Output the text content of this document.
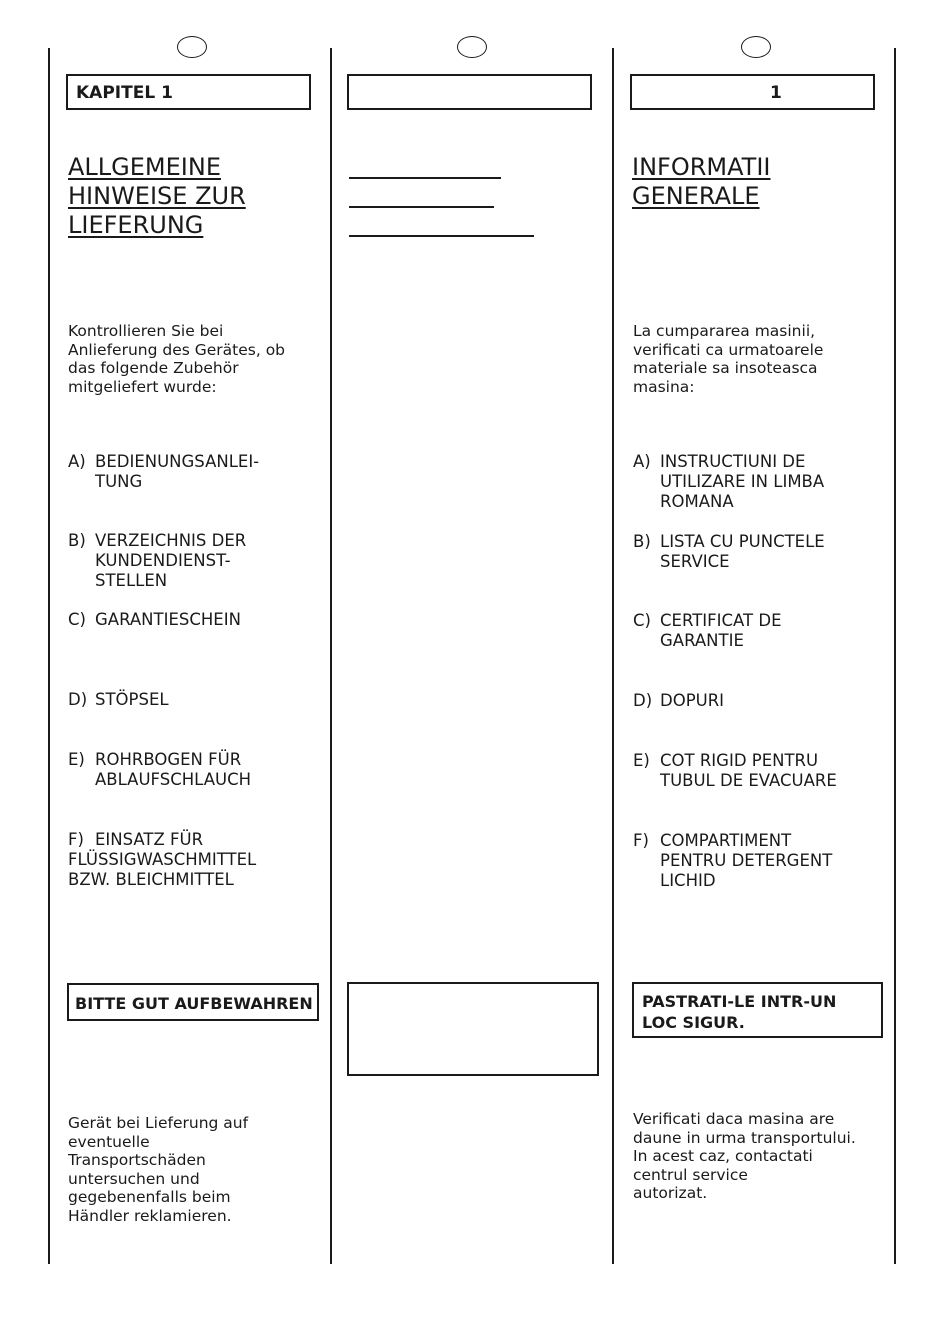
KAPITEL 1
ALLGEMEINE
HINWEISE ZUR
LIEFERUNG

Kontrollieren Sie bei
Anlieferung des Gerätes, ob
das folgende Zubehör
mitgeliefert wurde:

A) BEDIENUNGSANLEI-
TUNG
B) VERZEICHNIS DER
KUNDENDIENST-
STELLEN
C) GARANTIESCHEIN
D) STÖPSEL
E) ROHRBOGEN FÜR
ABLAUFSCHLAUCH
F) EINSATZ FÜR
FLÜSSIGWASCHMITTEL
BZW. BLEICHMITTEL
BITTE GUT AUFBEWAHREN

Gerät bei Lieferung auf
eventuelle
Transportschäden
untersuchen und
gegebenenfalls beim
Händler reklamieren.

1
INFORMATII
GENERALE

La cumpararea masinii,
verificati ca urmatoarele
materiale sa insoteasca
masina:

A) INSTRUCTIUNI DE
UTILIZARE IN LIMBA
ROMANA
B) LISTA CU PUNCTELE
SERVICE
C) CERTIFICAT DE
GARANTIE
D) DOPURI
E) COT RIGID PENTRU
TUBUL DE EVACUARE
F) COMPARTIMENT
PENTRU DETERGENT
LICHID
PASTRATI-LE INTR-UN
LOC SIGUR.

Verificati daca masina are
daune in urma transportului.
In acest caz, contactati
centrul service
autorizat.
